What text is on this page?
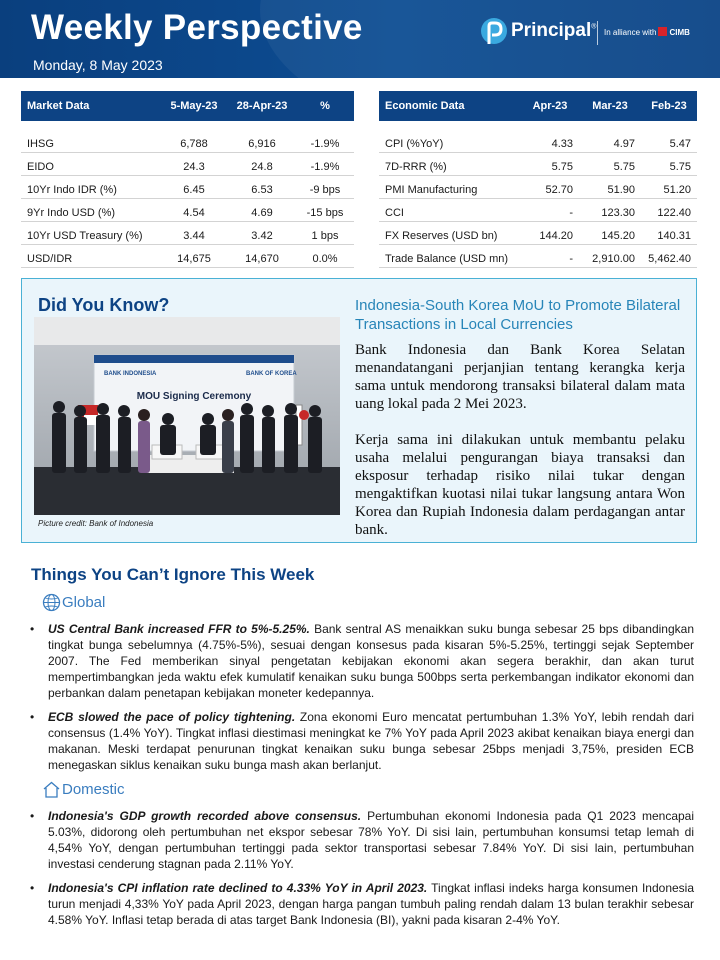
Weekly Perspective
Monday, 8 May 2023
Principal®
In alliance with CIMB
Market Data	5-May-23	28-Apr-23	%

IHSG	6,788	6,916	-1.9%
EIDO	24.3	24.8	-1.9%
10Yr Indo IDR (%)	6.45	6.53	-9 bps
9Yr Indo USD (%)	4.54	4.69	-15 bps
10Yr USD Treasury (%)	3.44	3.42	1 bps
USD/IDR	14,675	14,670	0.0%
Economic Data	Apr-23	Mar-23	Feb-23

CPI (%YoY)	4.33	4.97	5.47
7D-RRR (%)	5.75	5.75	5.75
PMI Manufacturing	52.70	51.90	51.20
CCI	-	123.30	122.40
FX Reserves (USD bn)	144.20	145.20	140.31
Trade Balance (USD mn)	-	2,910.00	5,462.40
Did You Know?
BANK INDONESIA	BANK OF KOREA
MOU Signing Ceremony
Picture credit: Bank of Indonesia
Indonesia-South Korea MoU to Promote Bilateral Transactions in Local Currencies

Bank Indonesia dan Bank Korea Selatan menandatangani perjanjian tentang kerangka kerja sama untuk mendorong transaksi bilateral dalam mata uang lokal pada 2 Mei 2023.

Kerja sama ini dilakukan untuk membantu pelaku usaha melalui pengurangan biaya transaksi dan eksposur terhadap risiko nilai tukar dengan mengaktifkan kuotasi nilai tukar langsung antara Won Korea dan Rupiah Indonesia dalam perdagangan antar bank.

Things You Can’t Ignore This Week
Global
• US Central Bank increased FFR to 5%-5.25%. Bank sentral AS menaikkan suku bunga sebesar 25 bps dibandingkan tingkat bunga sebelumnya (4.75%-5%), sesuai dengan konsesus pada kisaran 5%-5.25%, tertinggi sejak September 2007. The Fed memberikan sinyal pengetatan kebijakan ekonomi akan segera berakhir, dan akan turut mempertimbangkan jeda waktu efek kumulatif kenaikan suku bunga 500bps serta perkembangan indikator ekonomi dan perbankan dalam penetapan kebijakan moneter kedepannya.
• ECB slowed the pace of policy tightening. Zona ekonomi Euro mencatat pertumbuhan 1.3% YoY, lebih rendah dari consensus (1.4% YoY). Tingkat inflasi diestimasi meningkat ke 7% YoY pada April 2023 akibat kenaikan biaya energi dan makanan. Meski terdapat penurunan tingkat kenaikan suku bunga sebesar 25bps menjadi 3,75%, presiden ECB menegaskan siklus kenaikan suku bunga mash akan berlanjut.
Domestic
• Indonesia's GDP growth recorded above consensus. Pertumbuhan ekonomi Indonesia pada Q1 2023 mencapai 5.03%, didorong oleh pertumbuhan net ekspor sebesar 78% YoY. Di sisi lain, pertumbuhan konsumsi tetap lemah di 4,54% YoY, dengan pertumbuhan tertinggi pada sektor transportasi sebesar 7.84% YoY. Di sisi lain, pertumbuhan investasi cenderung stagnan pada 2.11% YoY.
• Indonesia's CPI inflation rate declined to 4.33% YoY in April 2023. Tingkat inflasi indeks harga konsumen Indonesia turun menjadi 4,33% YoY pada April 2023, dengan harga pangan tumbuh paling rendah dalam 13 bulan terakhir sebesar 4.58% YoY. Inflasi tetap berada di atas target Bank Indonesia (BI), yakni pada kisaran 2-4% YoY.
